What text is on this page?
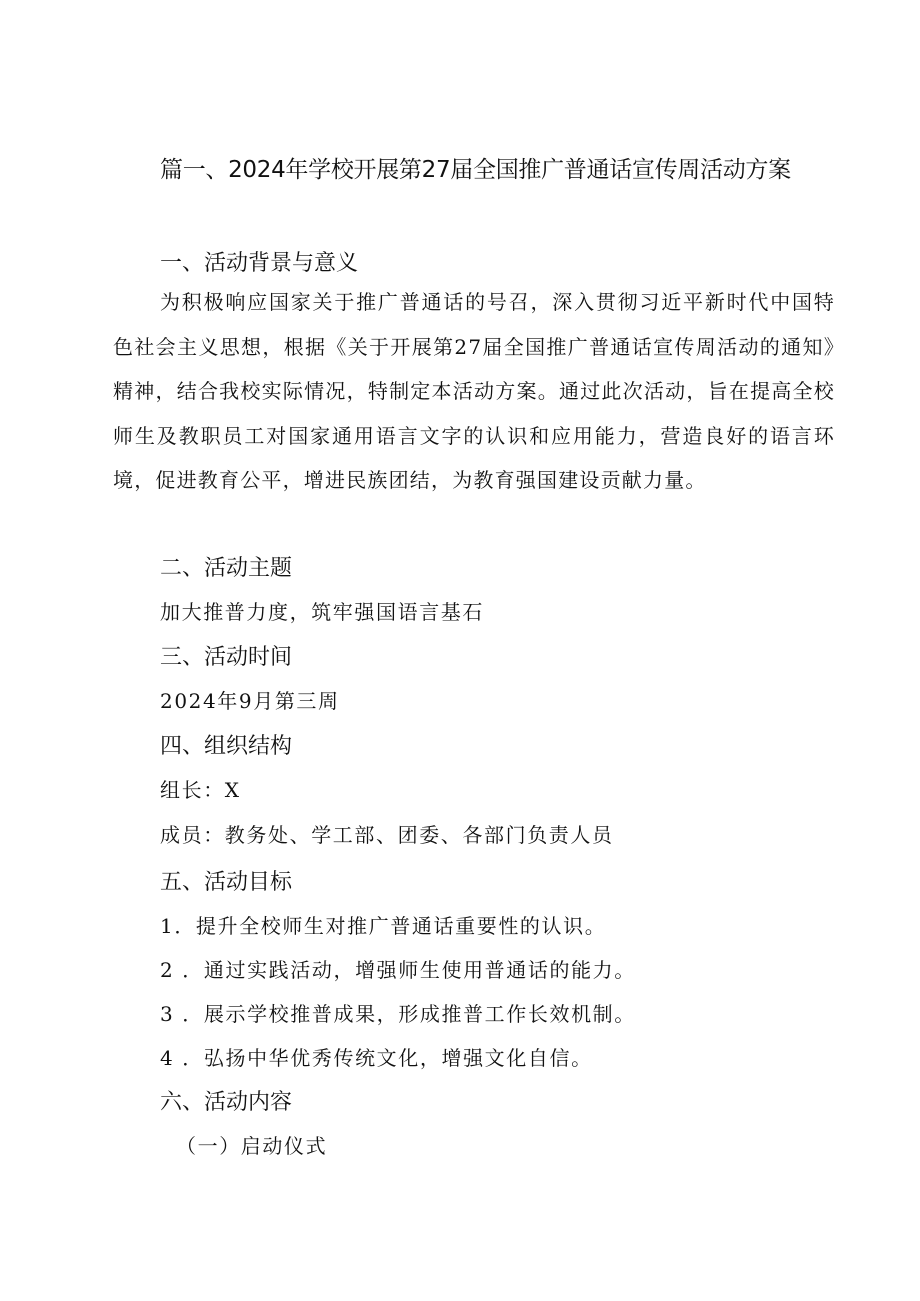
篇一、2024年学校开展第27届全国推广普通话宣传周活动方案
一、活动背景与意义

为积极响应国家关于推广普通话的号召，深入贯彻习近平新时代中国特色社会主义思想，根据《关于开展第27届全国推广普通话宣传周活动的通知》精神，结合我校实际情况，特制定本活动方案。通过此次活动，旨在提高全校师生及教职员工对国家通用语言文字的认识和应用能力，营造良好的语言环境，促进教育公平，增进民族团结，为教育强国建设贡献力量。

二、活动主题
加大推普力度，筑牢强国语言基石
三、活动时间
2024年9月第三周
四、组织结构
组长：X
成员：教务处、学工部、团委、各部门负责人员
五、活动目标
1．提升全校师生对推广普通话重要性的认识。
2 ．通过实践活动，增强师生使用普通话的能力。
3 ．展示学校推普成果，形成推普工作长效机制。
4 ．弘扬中华优秀传统文化，增强文化自信。
六、活动内容
（一）启动仪式
